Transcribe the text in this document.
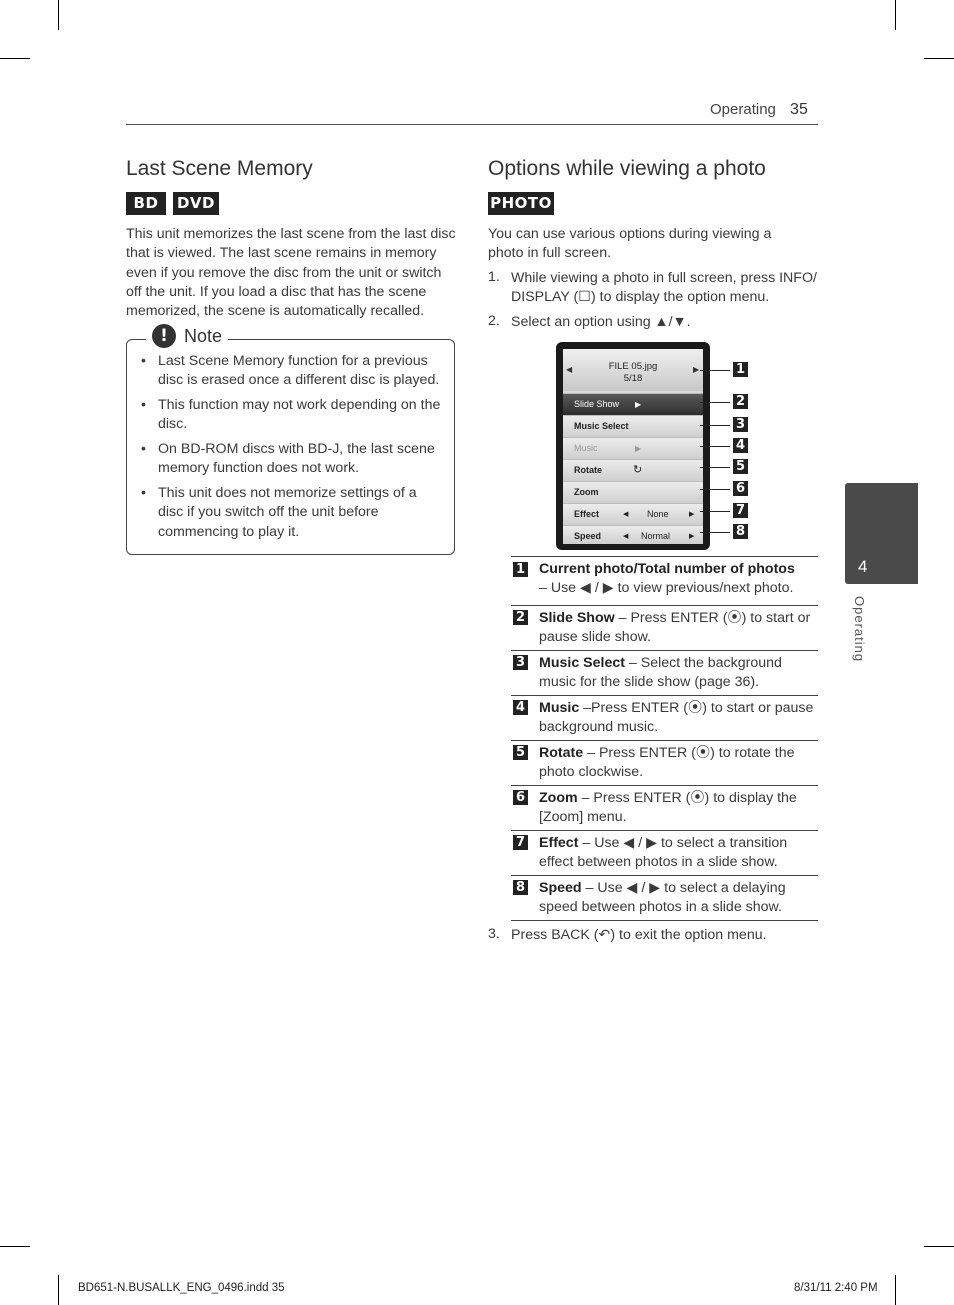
Operating 35
Last Scene Memory
BD	DVD
This unit memorizes the last scene from the last disc
that is viewed. The last scene remains in memory
even if you remove the disc from the unit or switch
off the unit. If you load a disc that has the scene
memorized, the scene is automatically recalled.
! Note
• Last Scene Memory function for a previous disc is erased once a different disc is played.
• This function may not work depending on the disc.
• On BD-ROM discs with BD-J, the last scene memory function does not work.
• This unit does not memorize settings of a disc if you switch off the unit before commencing to play it.
Options while viewing a photo
PHOTO
You can use various options during viewing a photo in full screen.
1. While viewing a photo in full screen, press INFO/ DISPLAY (☐) to display the option menu.
2. Select an option using ▲/▼.
◀	FILE 05.jpg
5/18
▶
Slide Show ▶
Music Select
Music	▶
Rotate	↻
Zoom
Effect	◀ None	▶
Speed	◀ Normal	▶
1
2
3
4
5
6
7
8
1 Current photo/Total number of photos
– Use ◀ / ▶ to view previous/next photo.
2 Slide Show – Press ENTER (⦿) to start or pause slide show.
3 Music Select – Select the background music for the slide show (page 36).
4 Music –Press ENTER (⦿) to start or pause background music.
5 Rotate – Press ENTER (⦿) to rotate the photo clockwise.
6 Zoom – Press ENTER (⦿) to display the [Zoom] menu.
7 Effect – Use ◀ / ▶ to select a transition effect between photos in a slide show.
8 Speed – Use ◀ / ▶ to select a delaying speed between photos in a slide show.
3. Press BACK (↶) to exit the option menu.
4
Operating
BD651-N.BUSALLK_ENG_0496.indd 35	8/31/11 2:40 PM
